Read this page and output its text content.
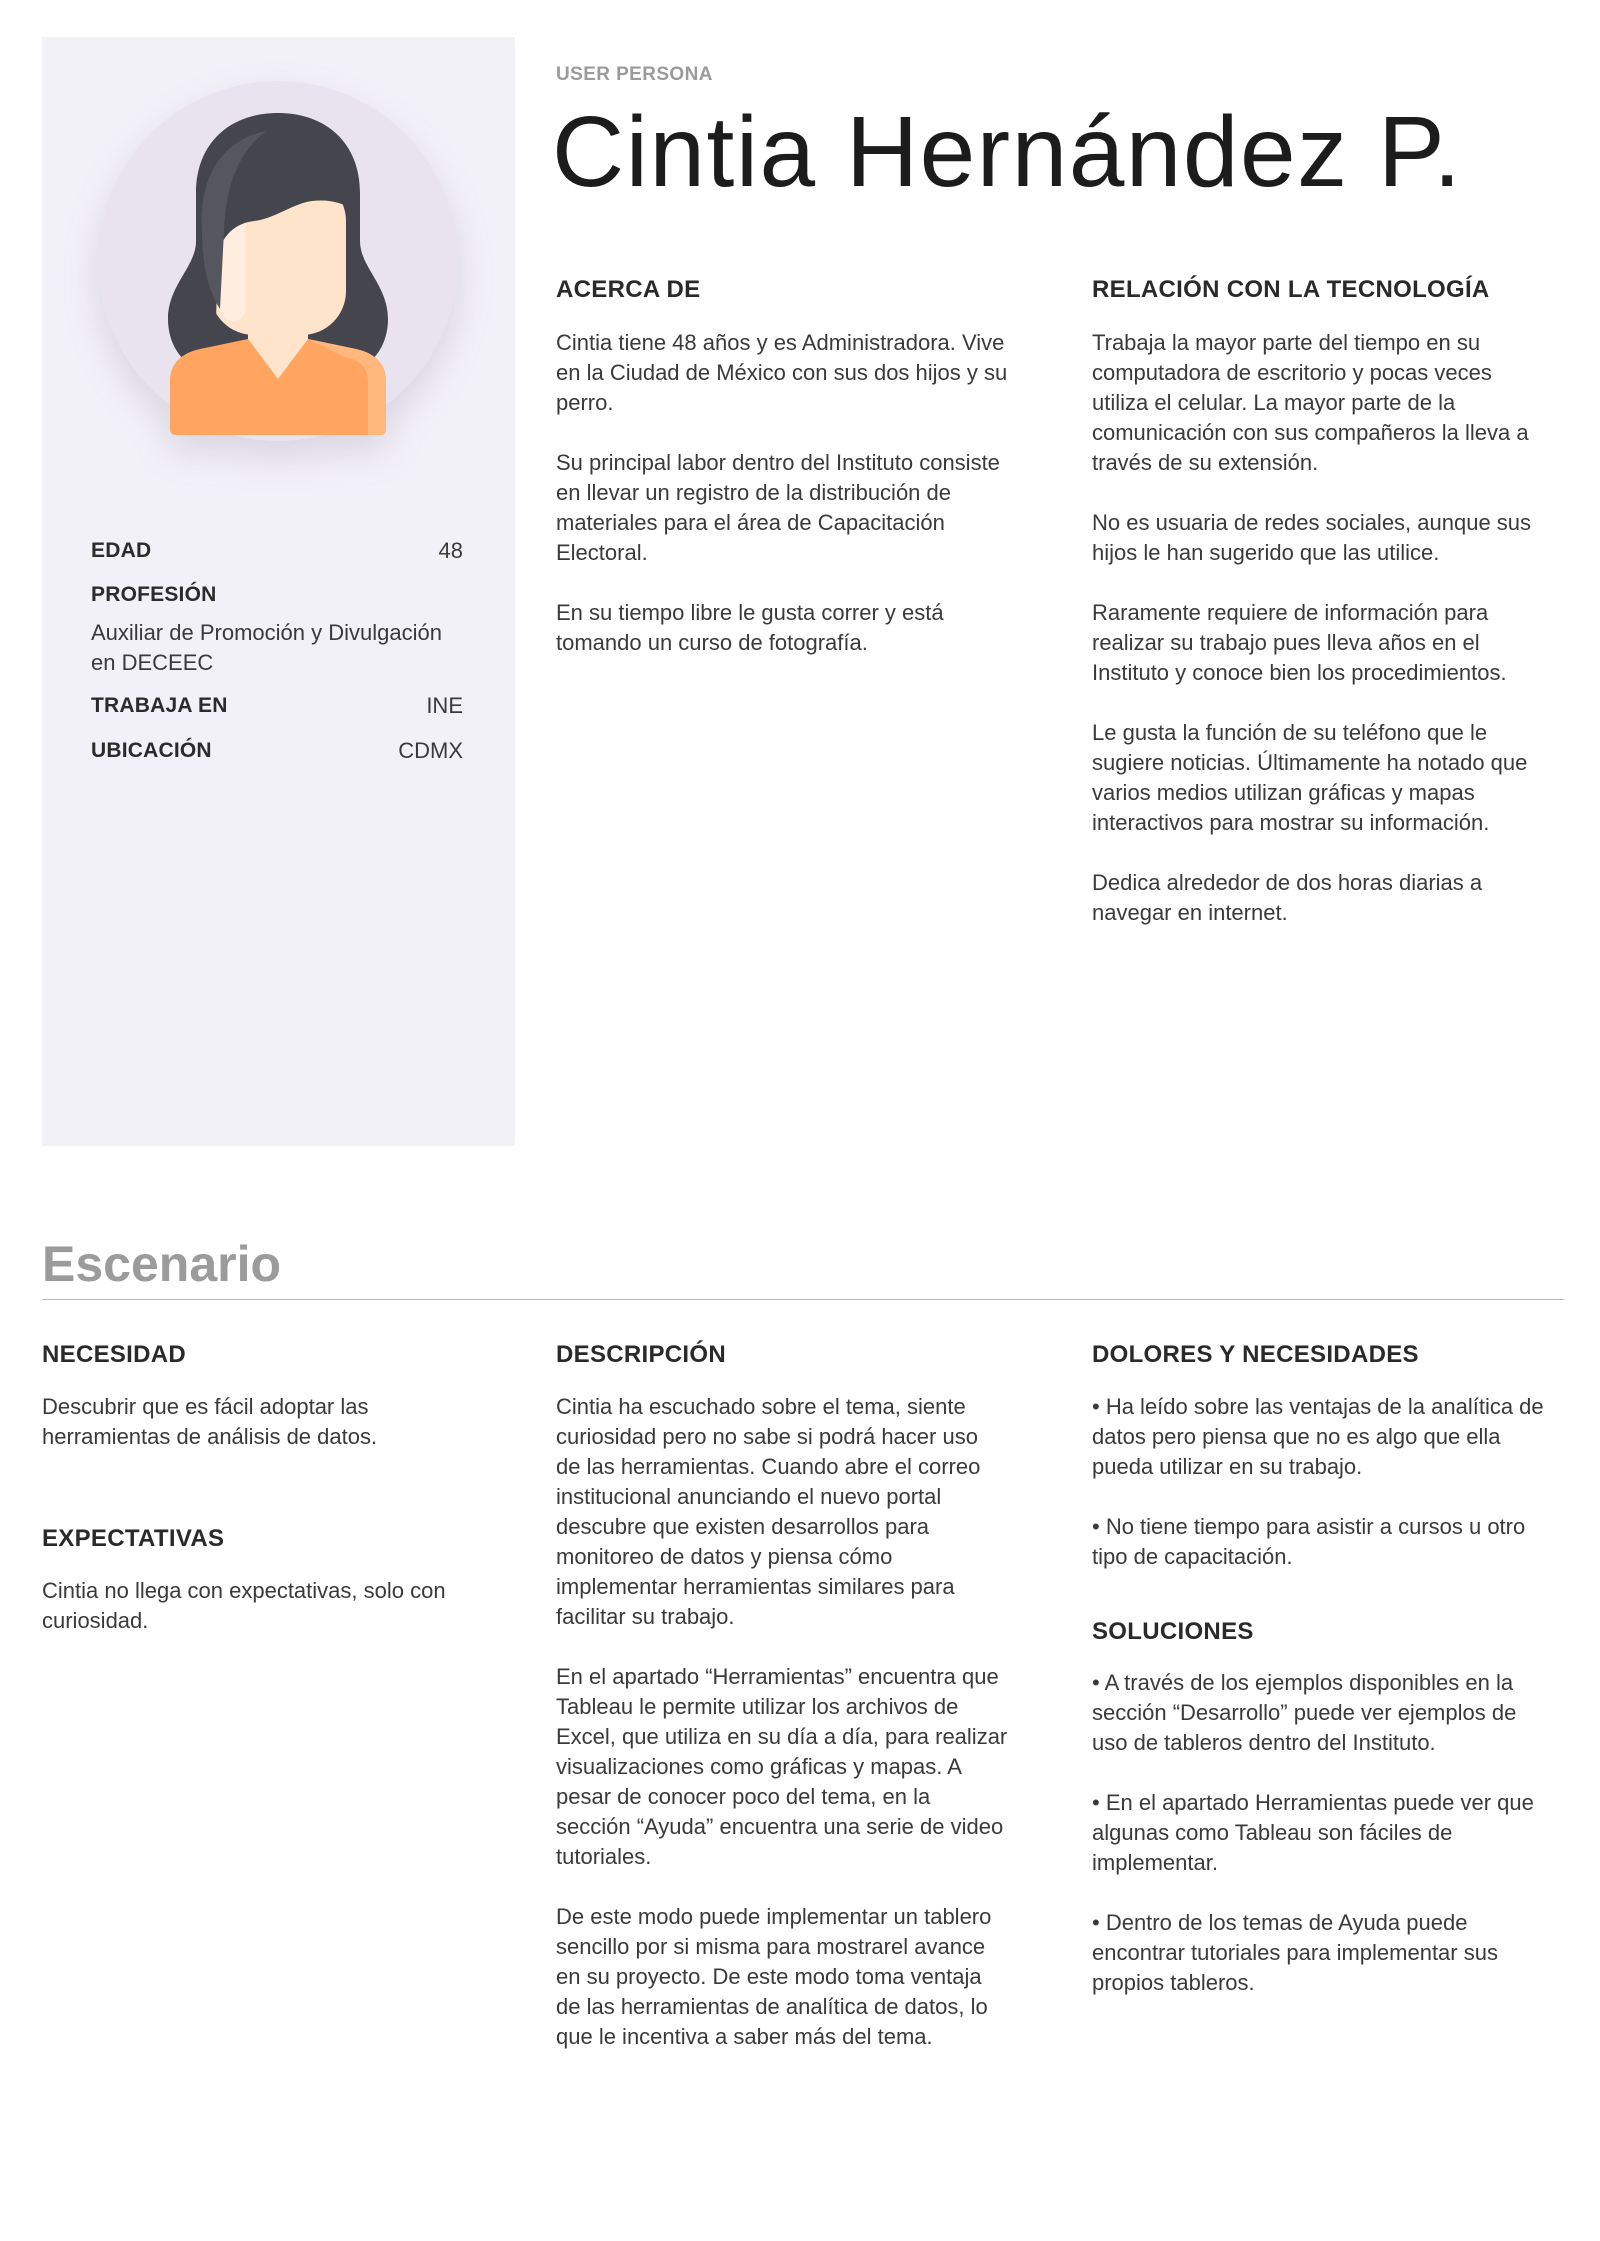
EDAD	48
PROFESIÓN
Auxiliar de Promoción y Divulgación
en DECEEC
TRABAJA EN	INE
UBICACIÓN	CDMX
USER PERSONA
Cintia Hernández P.
ACERCA DE

Cintia tiene 48 años y es Administradora. Vive
en la Ciudad de México con sus dos hijos y su
perro.

Su principal labor dentro del Instituto consiste
en llevar un registro de la distribución de
materiales para el área de Capacitación
Electoral.

En su tiempo libre le gusta correr y está
tomando un curso de fotografía.

RELACIÓN CON LA TECNOLOGÍA

Trabaja la mayor parte del tiempo en su
computadora de escritorio y pocas veces
utiliza el celular. La mayor parte de la
comunicación con sus compañeros la lleva a
través de su extensión.

No es usuaria de redes sociales, aunque sus
hijos le han sugerido que las utilice.

Raramente requiere de información para
realizar su trabajo pues lleva años en el
Instituto y conoce bien los procedimientos.

Le gusta la función de su teléfono que le
sugiere noticias. Últimamente ha notado que
varios medios utilizan gráficas y mapas
interactivos para mostrar su información.

Dedica alrededor de dos horas diarias a
navegar en internet.

Escenario
NECESIDAD

Descubrir que es fácil adoptar las
herramientas de análisis de datos.

EXPECTATIVAS

Cintia no llega con expectativas, solo con
curiosidad.

DESCRIPCIÓN

Cintia ha escuchado sobre el tema, siente
curiosidad pero no sabe si podrá hacer uso
de las herramientas. Cuando abre el correo
institucional anunciando el nuevo portal
descubre que existen desarrollos para
monitoreo de datos y piensa cómo
implementar herramientas similares para
facilitar su trabajo.

En el apartado “Herramientas” encuentra que
Tableau le permite utilizar los archivos de
Excel, que utiliza en su día a día, para realizar
visualizaciones como gráficas y mapas. A
pesar de conocer poco del tema, en la
sección “Ayuda” encuentra una serie de video
tutoriales.

De este modo puede implementar un tablero
sencillo por si misma para mostrarel avance
en su proyecto. De este modo toma ventaja
de las herramientas de analítica de datos, lo
que le incentiva a saber más del tema.

DOLORES Y NECESIDADES

• Ha leído sobre las ventajas de la analítica de
datos pero piensa que no es algo que ella
pueda utilizar en su trabajo.

• No tiene tiempo para asistir a cursos u otro
tipo de capacitación.

SOLUCIONES

• A través de los ejemplos disponibles en la
sección “Desarrollo” puede ver ejemplos de
uso de tableros dentro del Instituto.

• En el apartado Herramientas puede ver que
algunas como Tableau son fáciles de
implementar.

• Dentro de los temas de Ayuda puede
encontrar tutoriales para implementar sus
propios tableros.
